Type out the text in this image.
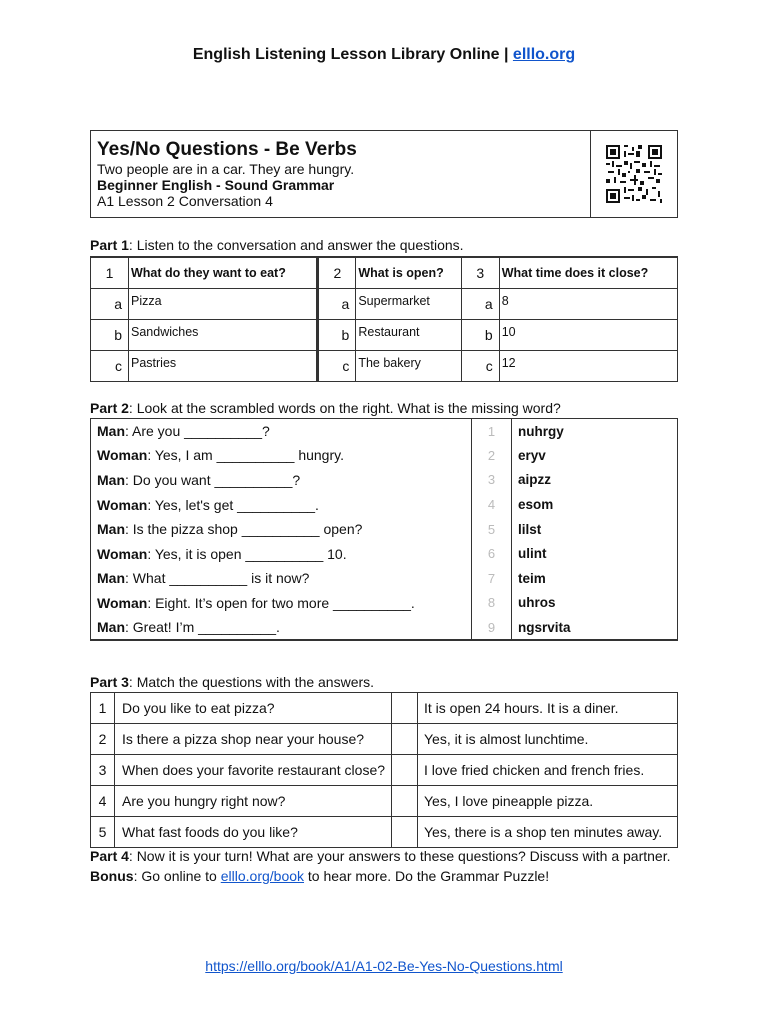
English Listening Lesson Library Online | elllo.org
Yes/No Questions - Be Verbs
Two people are in a car. They are hungry.
Beginner English - Sound Grammar
A1 Lesson 2 Conversation 4
Part 1: Listen to the conversation and answer the questions.
1	What do they want to eat?	2	What is open?	3	What time does it close?
a	Pizza	a	Supermarket	a	8
b	Sandwiches	b	Restaurant	b	10
c	Pastries	c	The bakery	c	12
Part 2: Look at the scrambled words on the right. What is the missing word?
Man: Are you __________?	1	nuhrgy
Woman: Yes, I am __________ hungry.	2	eryv
Man: Do you want __________?	3	aipzz
Woman: Yes, let's get __________.	4	esom
Man: Is the pizza shop __________ open?	5	lilst
Woman: Yes, it is open __________ 10.	6	ulint
Man: What __________ is it now?	7	teim
Woman: Eight. It’s open for two more __________.	8	uhros
Man: Great! I’m __________.	9	ngsrvita
Part 3: Match the questions with the answers.
1	Do you like to eat pizza?		It is open 24 hours. It is a diner.
2	Is there a pizza shop near your house?		Yes, it is almost lunchtime.
3	When does your favorite restaurant close?		I love fried chicken and french fries.
4	Are you hungry right now?		Yes, I love pineapple pizza.
5	What fast foods do you like?		Yes, there is a shop ten minutes away.
Part 4: Now it is your turn! What are your answers to these questions? Discuss with a partner.
Bonus: Go online to elllo.org/book to hear more. Do the Grammar Puzzle!
https://elllo.org/book/A1/A1-02-Be-Yes-No-Questions.html
